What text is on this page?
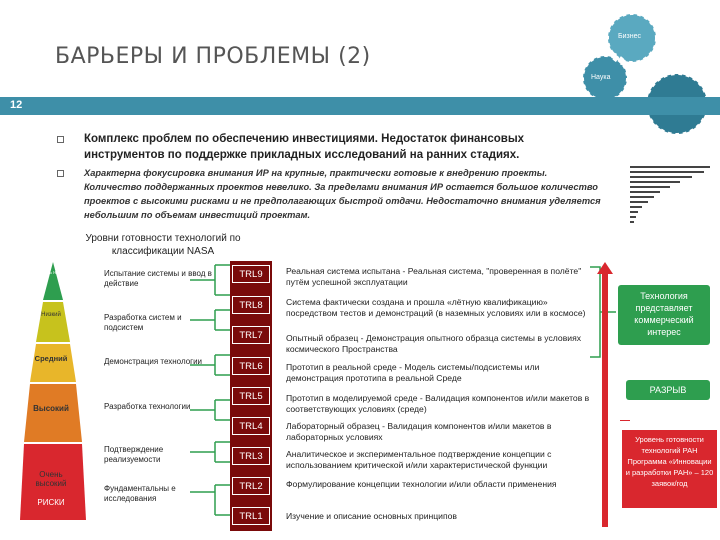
БАРЬЕРЫ И ПРОБЛЕМЫ (2)
Бизнес
Наука
12
Комплекс проблем по обеспечению инвестициями. Недостаток финансовых инструментов по поддержке прикладных исследований на ранних стадиях.
Характерна фокусировка внимания ИР на крупные, практически готовые к внедрению проекты. Количество поддержанных проектов невелико. За пределами внимания ИР остается большое количество проектов с высокими рисками и не предполагающих быстрой отдачи. Недостаточно внимания уделяется небольшим по объемам инвестиций проектам.
Уровни готовности технологий по классификации NASA
Очень низкий
Низкий
Средний
Высокий
Очень высокий
РИСКИ
Испытание системы и ввод в действие
Разработка систем и подсистем
Демонстрация технологии
Разработка технологии
Подтверждение реализуемости
Фундаментальны е исследования
TRL9
TRL8
TRL7
TRL6
TRL5
TRL4
TRL3
TRL2
TRL1
Реальная система испытана - Реальная система, "проверенная в полёте" путём успешной эксплуатации
Система фактически создана и прошла «лётную квалификацию» посредством тестов и демонстраций (в наземных условиях или в космосе)
Опытный образец - Демонстрация опытного образца системы в условиях космического Пространства
Прототип в реальной среде - Модель системы/подсистемы или демонстрация прототипа в реальной Среде
Прототип в моделируемой среде - Валидация компонентов и/или макетов в соответствующих условиях (среде)
Лабораторный образец - Валидация компонентов и/или макетов в лабораторных условиях
Аналитическое и экспериментальное подтверждение концепции с использованием критической и/или характеристической функции
Формулирование концепции технологии и/или области применения
Изучение и описание основных принципов
Технология представляет коммерческий интерес
РАЗРЫВ
Уровень готовности технологий РАН Программа «Инновации и разработки РАН» – 120 заявок/год
